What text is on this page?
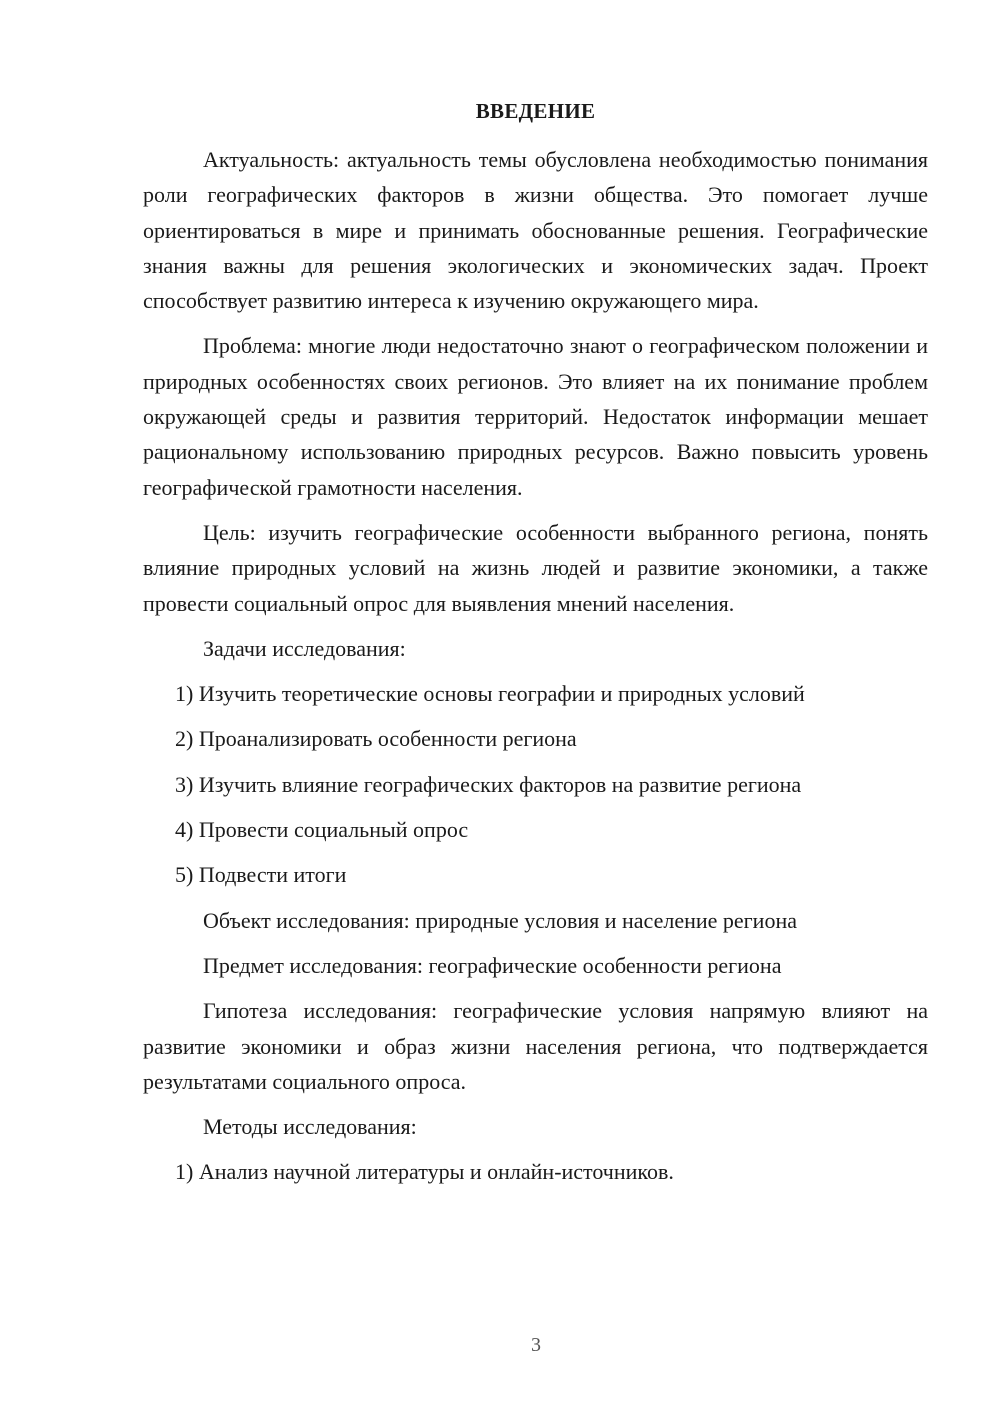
ВВЕДЕНИЕ

Актуальность: актуальность темы обусловлена необходимостью понимания роли географических факторов в жизни общества. Это помогает лучше ориентироваться в мире и принимать обоснованные решения. Географические знания важны для решения экологических и экономических задач. Проект способствует развитию интереса к изучению окружающего мира.

Проблема: многие люди недостаточно знают о географическом положении и природных особенностях своих регионов. Это влияет на их понимание проблем окружающей среды и развития территорий. Недостаток информации мешает рациональному использованию природных ресурсов. Важно повысить уровень географической грамотности населения.

Цель: изучить географические особенности выбранного региона, понять влияние природных условий на жизнь людей и развитие экономики, а также провести социальный опрос для выявления мнений населения.

Задачи исследования:

1) Изучить теоретические основы географии и природных условий
2) Проанализировать особенности региона
3) Изучить влияние географических факторов на развитие региона
4) Провести социальный опрос
5) Подвести итоги

Объект исследования: природные условия и население региона

Предмет исследования: географические особенности региона

Гипотеза исследования: географические условия напрямую влияют на развитие экономики и образ жизни населения региона, что подтверждается результатами социального опроса.

Методы исследования:

1) Анализ научной литературы и онлайн-источников.
3
